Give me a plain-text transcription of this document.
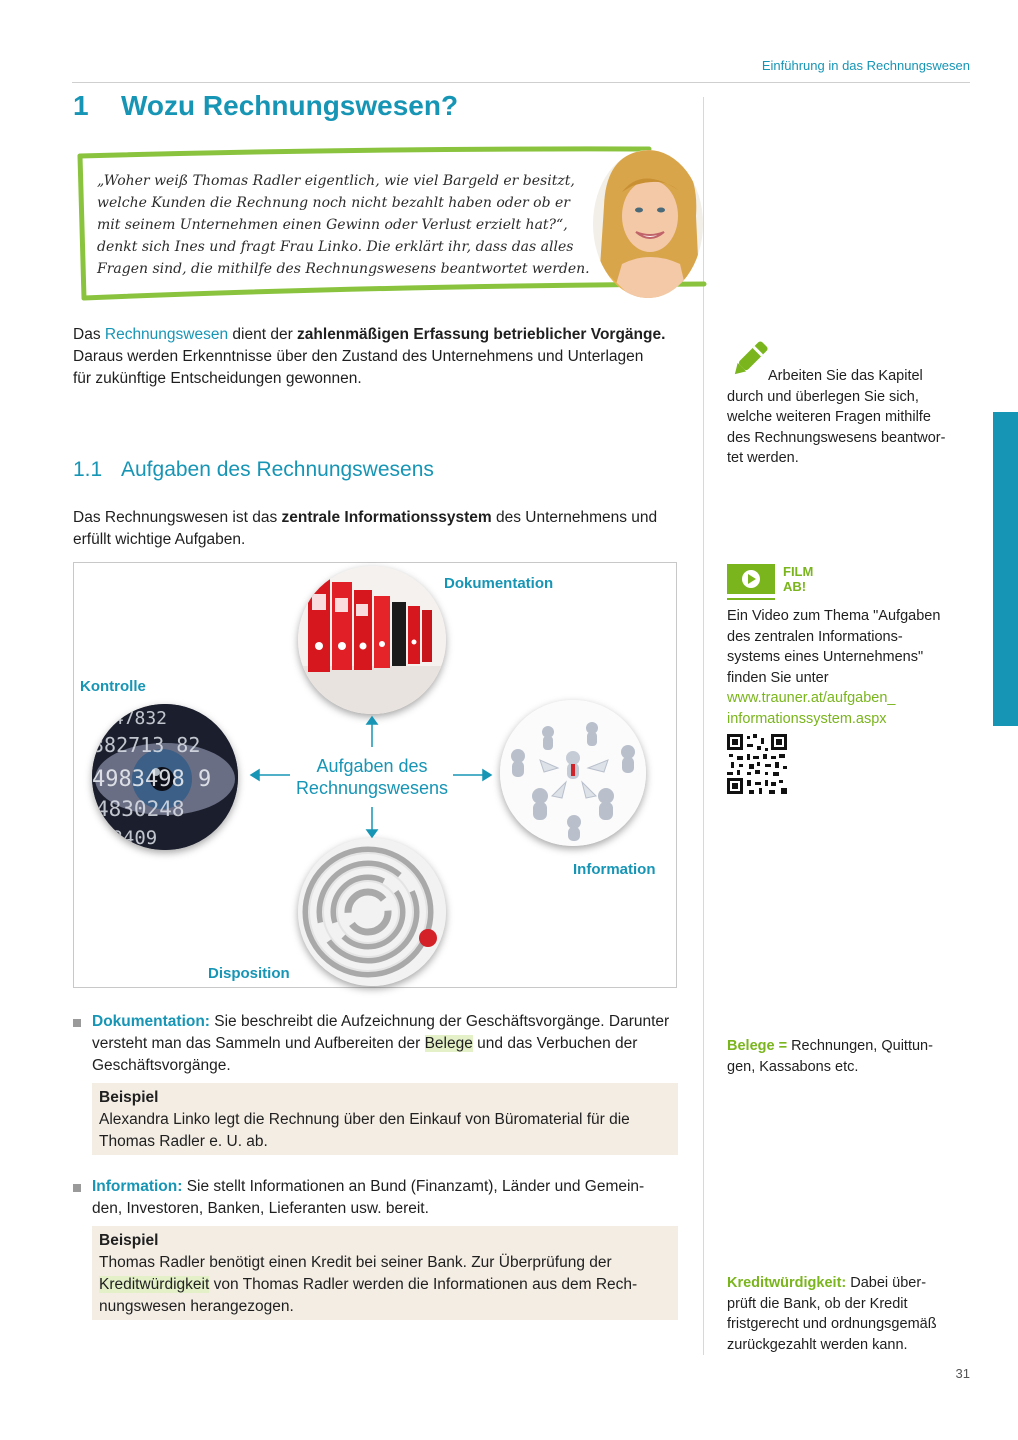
Einführung in das Rechnungswesen
1 Wozu Rechnungswesen?
„Woher weiß Thomas Radler eigentlich, wie viel Bargeld er besitzt,
welche Kunden die Rechnung noch nicht bezahlt haben oder ob er
mit seinem Unternehmen einen Gewinn oder Verlust erzielt hat?“,
denkt sich Ines und fragt Frau Linko. Die erklärt ihr, dass das alles
Fragen sind, die mithilfe des Rechnungswesens beantwortet werden.
Das Rechnungswesen dient der zahlenmäßigen Erfassung betrieblicher Vorgänge.
Daraus werden Erkenntnisse über den Zustand des Unternehmens und Unterlagen
für zukünftige Entscheidungen gewonnen.
1.1 Aufgaben des Rechnungswesens
Das Rechnungswesen ist das zentrale Informationssystem des Unternehmens und
erfüllt wichtige Aufgaben.
Dokumentation
Kontrolle
Information
Disposition
347832
382713 82
4983498 9
4830248
83409
Aufgaben des
Rechnungswesens
Dokumentation: Sie beschreibt die Aufzeichnung der Geschäftsvorgänge. Darunter
versteht man das Sammeln und Aufbereiten der Belege und das Verbuchen der
Geschäftsvorgänge.
Beispiel
Alexandra Linko legt die Rechnung über den Einkauf von Büromaterial für die
Thomas Radler e. U. ab.
Information: Sie stellt Informationen an Bund (Finanzamt), Länder und Gemein-
den, Investoren, Banken, Lieferanten usw. bereit.
Beispiel
Thomas Radler benötigt einen Kredit bei seiner Bank. Zur Überprüfung der
Kreditwürdigkeit von Thomas Radler werden die Informationen aus dem Rech-
nungswesen herangezogen.
Arbeiten Sie das Kapitel
durch und überlegen Sie sich,
welche weiteren Fragen mithilfe
des Rechnungswesens beantwor-
tet werden.
FILM
AB!
Ein Video zum Thema "Aufgaben
des zentralen Informations-
systems eines Unternehmens"
finden Sie unter
www.trauner.at/aufgaben_
informationssystem.aspx
Belege = Rechnungen, Quittun-
gen, Kassabons etc.
Kreditwürdigkeit: Dabei über-
prüft die Bank, ob der Kredit
fristgerecht und ordnungsgemäß
zurückgezahlt werden kann.
31
